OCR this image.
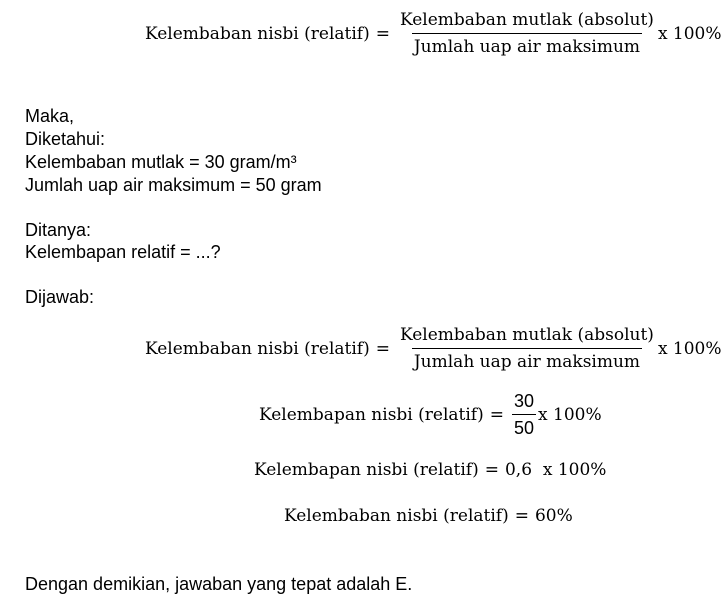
Kelembaban nisbi (relatif) = $\frac{\text{Kelembaban mutlak (absolut)}}{\text{Jumlah uap air maksimum}}$ x 100%
Maka,
Diketahui:
Kelembaban mutlak = 30 gram/m³
Jumlah uap air maksimum = 50 gram
Ditanya:
Kelembapan relatif = ...?
Dijawab:
Kelembaban nisbi (relatif) = $\frac{\text{Kelembaban mutlak (absolut)}}{\text{Jumlah uap air maksimum}}$ x 100%
Kelembapan nisbi (relatif) = $\frac{30}{50}$ x 100%
Kelembapan nisbi (relatif) = 0,6  x 100%
Kelembaban nisbi (relatif) = 60%
Dengan demikian, jawaban yang tepat adalah E.
